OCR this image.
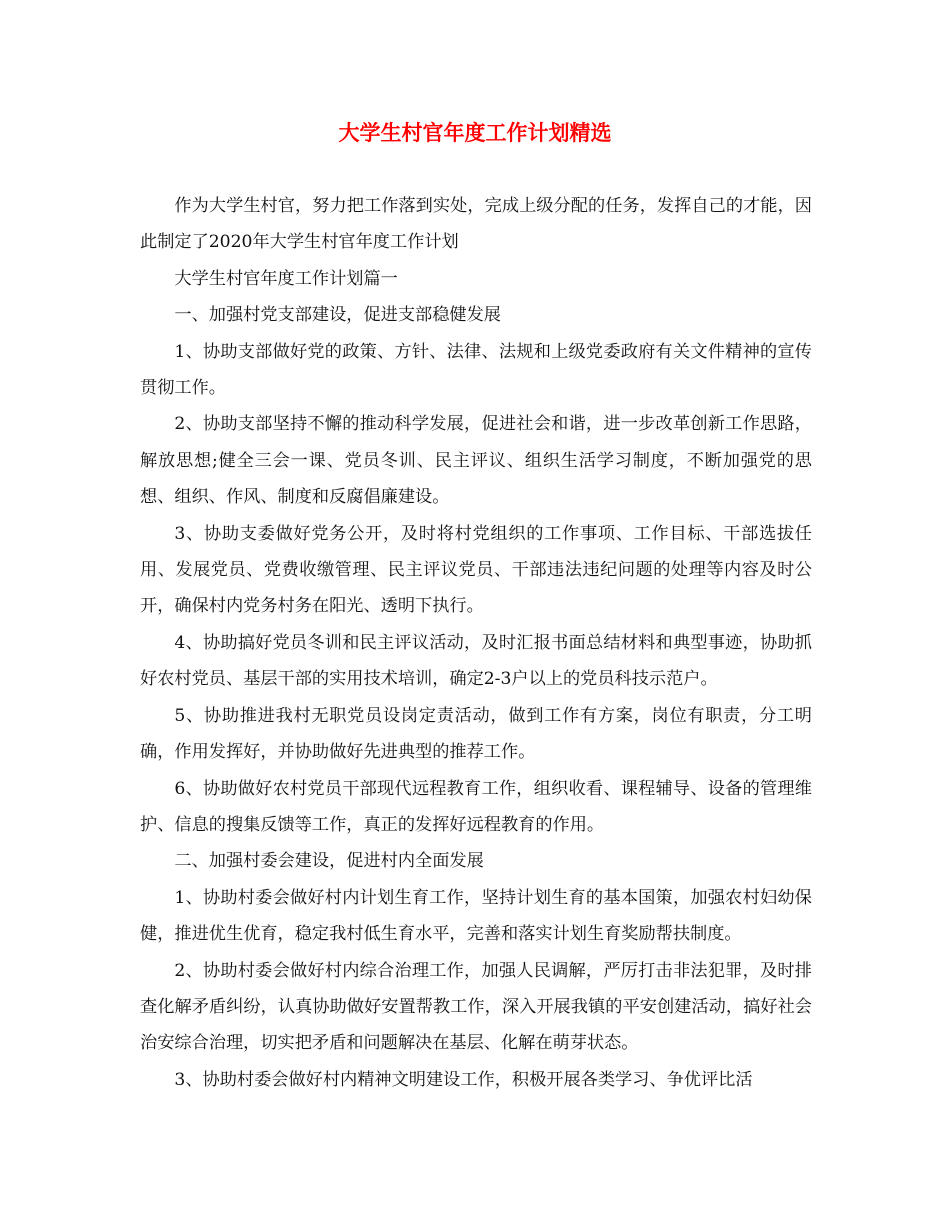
大学生村官年度工作计划精选

作为大学生村官，努力把工作落到实处，完成上级分配的任务，发挥自己的才能，因此制定了2020年大学生村官年度工作计划

大学生村官年度工作计划篇一

一、加强村党支部建设，促进支部稳健发展

1、协助支部做好党的政策、方针、法律、法规和上级党委政府有关文件精神的宣传贯彻工作。

2、协助支部坚持不懈的推动科学发展，促进社会和谐，进一步改革创新工作思路，解放思想;健全三会一课、党员冬训、民主评议、组织生活学习制度，不断加强党的思想、组织、作风、制度和反腐倡廉建设。

3、协助支委做好党务公开，及时将村党组织的工作事项、工作目标、干部选拔任用、发展党员、党费收缴管理、民主评议党员、干部违法违纪问题的处理等内容及时公开，确保村内党务村务在阳光、透明下执行。

4、协助搞好党员冬训和民主评议活动，及时汇报书面总结材料和典型事迹，协助抓好农村党员、基层干部的实用技术培训，确定2-3户以上的党员科技示范户。

5、协助推进我村无职党员设岗定责活动，做到工作有方案，岗位有职责，分工明确，作用发挥好，并协助做好先进典型的推荐工作。

6、协助做好农村党员干部现代远程教育工作，组织收看、课程辅导、设备的管理维护、信息的搜集反馈等工作，真正的发挥好远程教育的作用。

二、加强村委会建设，促进村内全面发展

1、协助村委会做好村内计划生育工作，坚持计划生育的基本国策，加强农村妇幼保健，推进优生优育，稳定我村低生育水平，完善和落实计划生育奖励帮扶制度。

2、协助村委会做好村内综合治理工作，加强人民调解，严厉打击非法犯罪，及时排查化解矛盾纠纷，认真协助做好安置帮教工作，深入开展我镇的平安创建活动，搞好社会治安综合治理，切实把矛盾和问题解决在基层、化解在萌芽状态。

3、协助村委会做好村内精神文明建设工作，积极开展各类学习、争优评比活
